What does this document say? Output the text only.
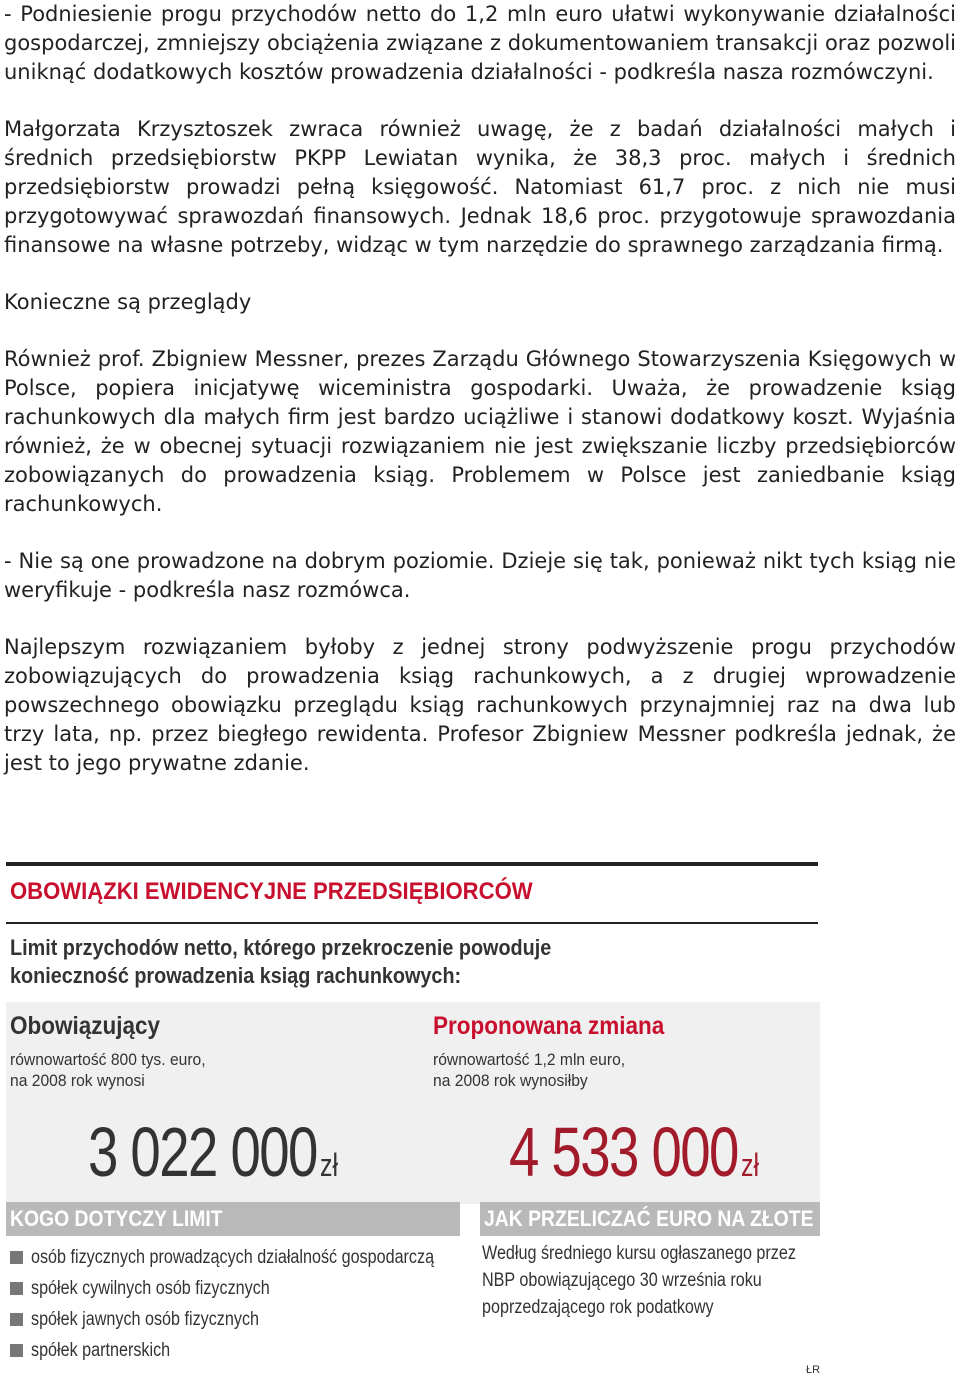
- Podniesienie progu przychodów netto do 1,2 mln euro ułatwi wykonywanie działalności gospodarczej, zmniejszy obciążenia związane z dokumentowaniem transakcji oraz pozwoli uniknąć dodatkowych kosztów prowadzenia działalności - podkreśla nasza rozmówczyni.

Małgorzata Krzysztoszek zwraca również uwagę, że z badań działalności małych i średnich przedsiębiorstw PKPP Lewiatan wynika, że 38,3 proc. małych i średnich przedsiębiorstw prowadzi pełną księgowość. Natomiast 61,7 proc. z nich nie musi przygotowywać sprawozdań finansowych. Jednak 18,6 proc. przygotowuje sprawozdania finansowe na własne potrzeby, widząc w tym narzędzie do sprawnego zarządzania firmą.

Konieczne są przeglądy

Również prof. Zbigniew Messner, prezes Zarządu Głównego Stowarzyszenia Księgowych w Polsce, popiera inicjatywę wiceministra gospodarki. Uważa, że prowadzenie ksiąg rachunkowych dla małych firm jest bardzo uciążliwe i stanowi dodatkowy koszt. Wyjaśnia również, że w obecnej sytuacji rozwiązaniem nie jest zwiększanie liczby przedsiębiorców zobowiązanych do prowadzenia ksiąg. Problemem w Polsce jest zaniedbanie ksiąg rachunkowych.

- Nie są one prowadzone na dobrym poziomie. Dzieje się tak, ponieważ nikt tych ksiąg nie weryfikuje - podkreśla nasz rozmówca.

Najlepszym rozwiązaniem byłoby z jednej strony podwyższenie progu przychodów zobowiązujących do prowadzenia ksiąg rachunkowych, a z drugiej wprowadzenie powszechnego obowiązku przeglądu ksiąg rachunkowych przynajmniej raz na dwa lub trzy lata, np. przez biegłego rewidenta. Profesor Zbigniew Messner podkreśla jednak, że jest to jego prywatne zdanie.

OBOWIĄZKI EWIDENCYJNE PRZEDSIĘBIORCÓW
Limit przychodów netto, którego przekroczenie powoduje
konieczność prowadzenia ksiąg rachunkowych:
Obowiązujący
równowartość 800 tys. euro,
na 2008 rok wynosi
Proponowana zmiana
równowartość 1,2 mln euro,
na 2008 rok wynosiłby
3 022 000zł 4 533 000zł
KOGO DOTYCZY LIMIT	JAK PRZELICZAĆ EURO NA ZŁOTE
osób fizycznych prowadzących działalność gospodarczą
spółek cywilnych osób fizycznych
spółek jawnych osób fizycznych
spółek partnerskich
Według średniego kursu ogłaszanego przez
NBP obowiązującego 30 września roku
poprzedzającego rok podatkowy
ŁR
